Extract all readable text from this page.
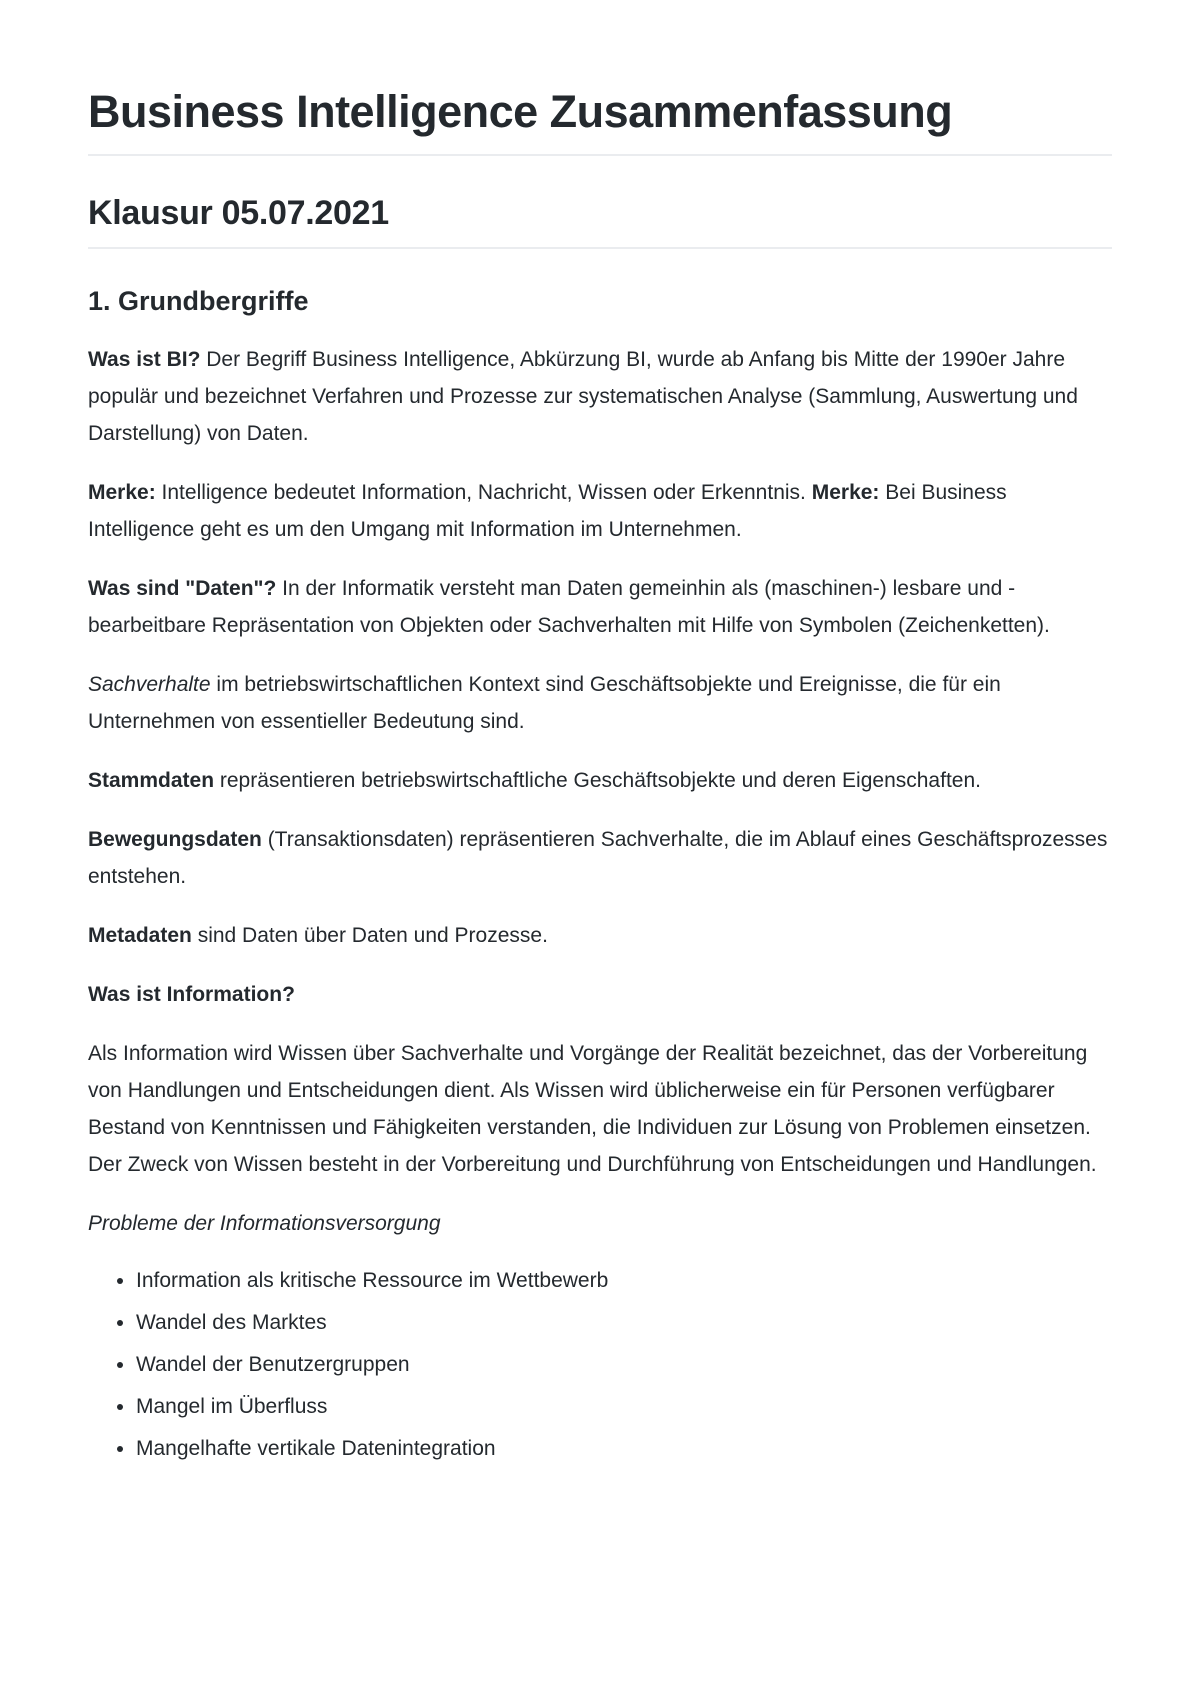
Business Intelligence Zusammenfassung
Klausur 05.07.2021
1. Grundbergriffe

Was ist BI? Der Begriff Business Intelligence, Abkürzung BI, wurde ab Anfang bis Mitte der 1990er Jahre populär und bezeichnet Verfahren und Prozesse zur systematischen Analyse (Sammlung, Auswertung und Darstellung) von Daten.

Merke: Intelligence bedeutet Information, Nachricht, Wissen oder Erkenntnis. Merke: Bei Business Intelligence geht es um den Umgang mit Information im Unternehmen.

Was sind "Daten"? In der Informatik versteht man Daten gemeinhin als (maschinen-) lesbare und -bearbeitbare Repräsentation von Objekten oder Sachverhalten mit Hilfe von Symbolen (Zeichenketten).

Sachverhalte im betriebswirtschaftlichen Kontext sind Geschäftsobjekte und Ereignisse, die für ein Unternehmen von essentieller Bedeutung sind.

Stammdaten repräsentieren betriebswirtschaftliche Geschäftsobjekte und deren Eigenschaften.

Bewegungsdaten (Transaktionsdaten) repräsentieren Sachverhalte, die im Ablauf eines Geschäftsprozesses entstehen.

Metadaten sind Daten über Daten und Prozesse.

Was ist Information?

Als Information wird Wissen über Sachverhalte und Vorgänge der Realität bezeichnet, das der Vorbereitung von Handlungen und Entscheidungen dient. Als Wissen wird üblicherweise ein für Personen verfügbarer Bestand von Kenntnissen und Fähigkeiten verstanden, die Individuen zur Lösung von Problemen einsetzen. Der Zweck von Wissen besteht in der Vorbereitung und Durchführung von Entscheidungen und Handlungen.

Probleme der Informationsversorgung

• Information als kritische Ressource im Wettbewerb
• Wandel des Marktes
• Wandel der Benutzergruppen
• Mangel im Überfluss
• Mangelhafte vertikale Datenintegration
